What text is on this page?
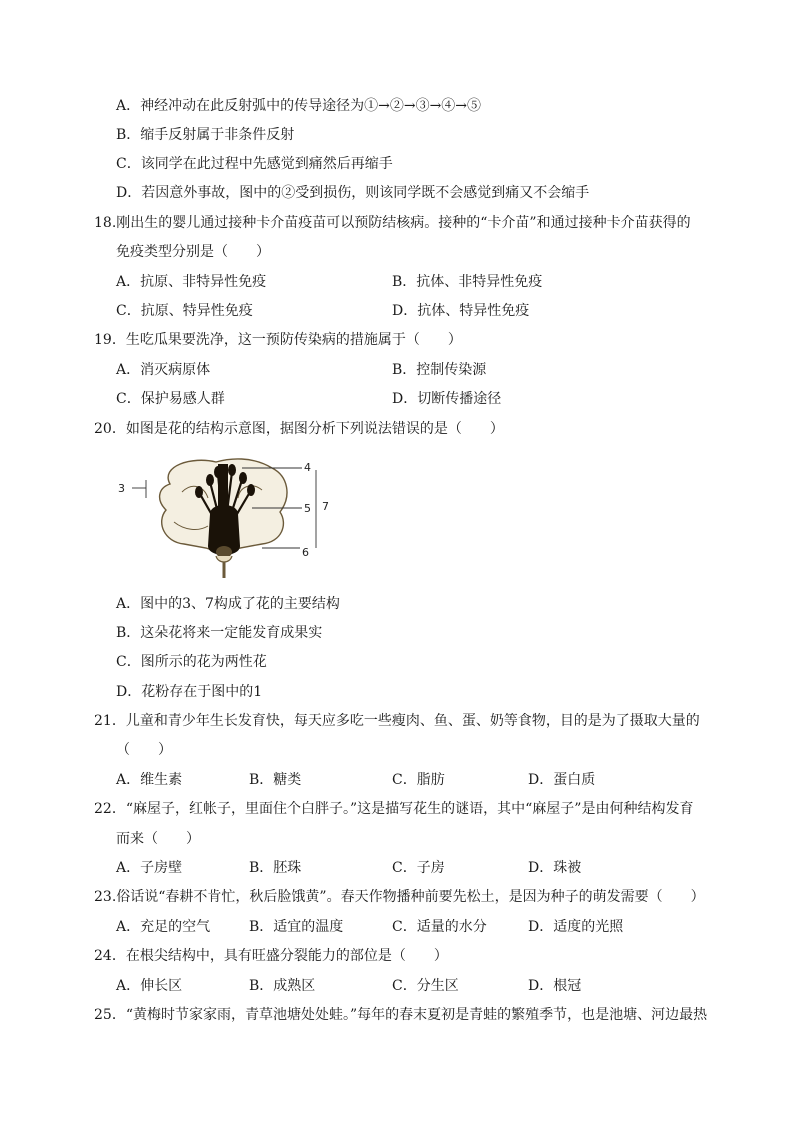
A．神经冲动在此反射弧中的传导途径为①→②→③→④→⑤
B．缩手反射属于非条件反射
C．该同学在此过程中先感觉到痛然后再缩手
D．若因意外事故，图中的②受到损伤，则该同学既不会感觉到痛又不会缩手
18.刚出生的婴儿通过接种卡介苗疫苗可以预防结核病。接种的“卡介苗”和通过接种卡介苗获得的
免疫类型分别是（　　）
A．抗原、非特异性免疫	B．抗体、非特异性免疫
C．抗原、特异性免疫	D．抗体、特异性免疫
19．生吃瓜果要洗净，这一预防传染病的措施属于（　　）
A．消灭病原体	B．控制传染源
C．保护易感人群	D．切断传播途径
20．如图是花的结构示意图，据图分析下列说法错误的是（　　）
3
4
5
6
7
A．图中的3、7构成了花的主要结构
B．这朵花将来一定能发育成果实
C．图所示的花为两性花
D．花粉存在于图中的1
21．儿童和青少年生长发育快，每天应多吃一些瘦肉、鱼、蛋、奶等食物，目的是为了摄取大量的
（　　）
A．维生素	B．糖类	C．脂肪	D．蛋白质
22．“麻屋子，红帐子，里面住个白胖子。”这是描写花生的谜语，其中“麻屋子”是由何种结构发育
而来（　　）
A．子房壁	B．胚珠	C．子房	D．珠被
23.俗话说“春耕不肯忙，秋后脸饿黄”。春天作物播种前要先松土，是因为种子的萌发需要（　　）
A．充足的空气	B．适宜的温度	C．适量的水分	D．适度的光照
24．在根尖结构中，具有旺盛分裂能力的部位是（　　）
A．伸长区	B．成熟区	C．分生区	D．根冠
25．“黄梅时节家家雨，青草池塘处处蛙。”每年的春末夏初是青蛙的繁殖季节，也是池塘、河边最热
